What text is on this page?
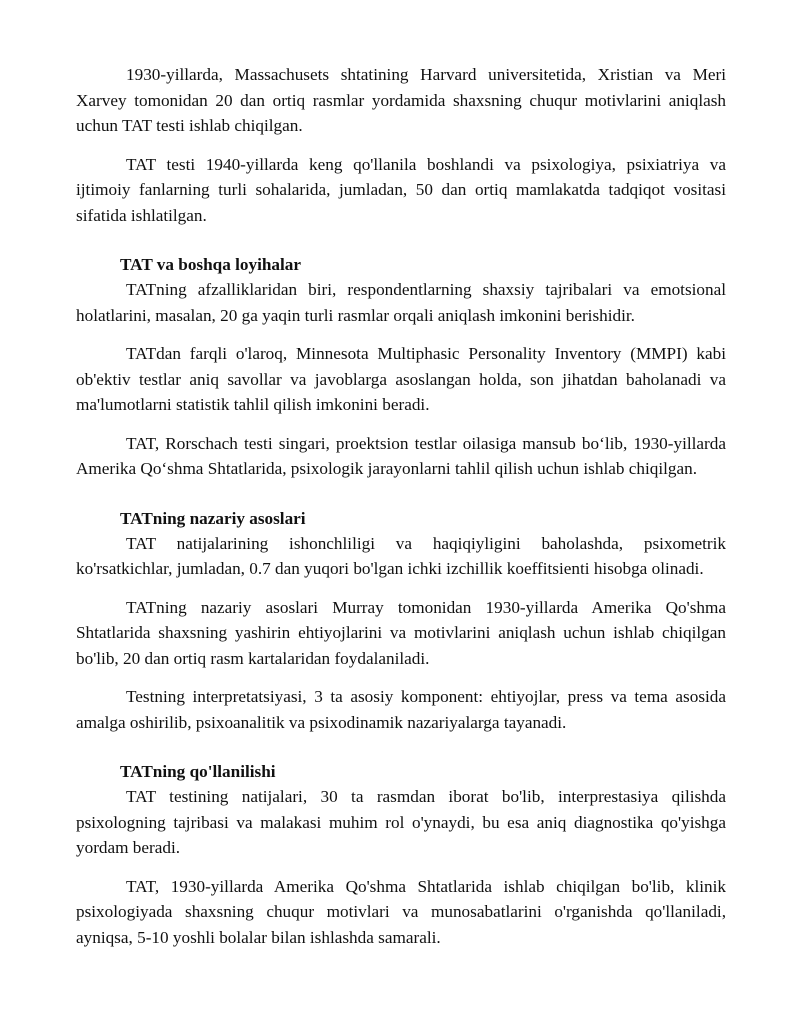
1930-yillarda, Massachusets shtatining Harvard universitetida, Xristian va Meri Xarvey tomonidan 20 dan ortiq rasmlar yordamida shaxsning chuqur motivlarini aniqlash uchun TAT testi ishlab chiqilgan.

TAT testi 1940-yillarda keng qo'llanila boshlandi va psixologiya, psixiatriya va ijtimoiy fanlarning turli sohalarida, jumladan, 50 dan ortiq mamlakatda tadqiqot vositasi sifatida ishlatilgan.

TAT va boshqa loyihalar

TATning afzalliklaridan biri, respondentlarning shaxsiy tajribalari va emotsional holatlarini, masalan, 20 ga yaqin turli rasmlar orqali aniqlash imkonini berishidir.

TATdan farqli o'laroq, Minnesota Multiphasic Personality Inventory (MMPI) kabi ob'ektiv testlar aniq savollar va javoblarga asoslangan holda, son jihatdan baholanadi va ma'lumotlarni statistik tahlil qilish imkonini beradi.

TAT, Rorschach testi singari, proektsion testlar oilasiga mansub bo‘lib, 1930-yillarda Amerika Qo‘shma Shtatlarida, psixologik jarayonlarni tahlil qilish uchun ishlab chiqilgan.

TATning nazariy asoslari

TAT natijalarining ishonchliligi va haqiqiyligini baholashda, psixometrik ko'rsatkichlar, jumladan, 0.7 dan yuqori bo'lgan ichki izchillik koeffitsienti hisobga olinadi.

TATning nazariy asoslari Murray tomonidan 1930-yillarda Amerika Qo'shma Shtatlarida shaxsning yashirin ehtiyojlarini va motivlarini aniqlash uchun ishlab chiqilgan bo'lib, 20 dan ortiq rasm kartalaridan foydalaniladi.

Testning interpretatsiyasi, 3 ta asosiy komponent: ehtiyojlar, press va tema asosida amalga oshirilib, psixoanalitik va psixodinamik nazariyalarga tayanadi.

TATning qo'llanilishi

TAT testining natijalari, 30 ta rasmdan iborat bo'lib, interprestasiya qilishda psixologning tajribasi va malakasi muhim rol o'ynaydi, bu esa aniq diagnostika qo'yishga yordam beradi.

TAT, 1930-yillarda Amerika Qo'shma Shtatlarida ishlab chiqilgan bo'lib, klinik psixologiyada shaxsning chuqur motivlari va munosabatlarini o'rganishda qo'llaniladi, ayniqsa, 5-10 yoshli bolalar bilan ishlashda samarali.
